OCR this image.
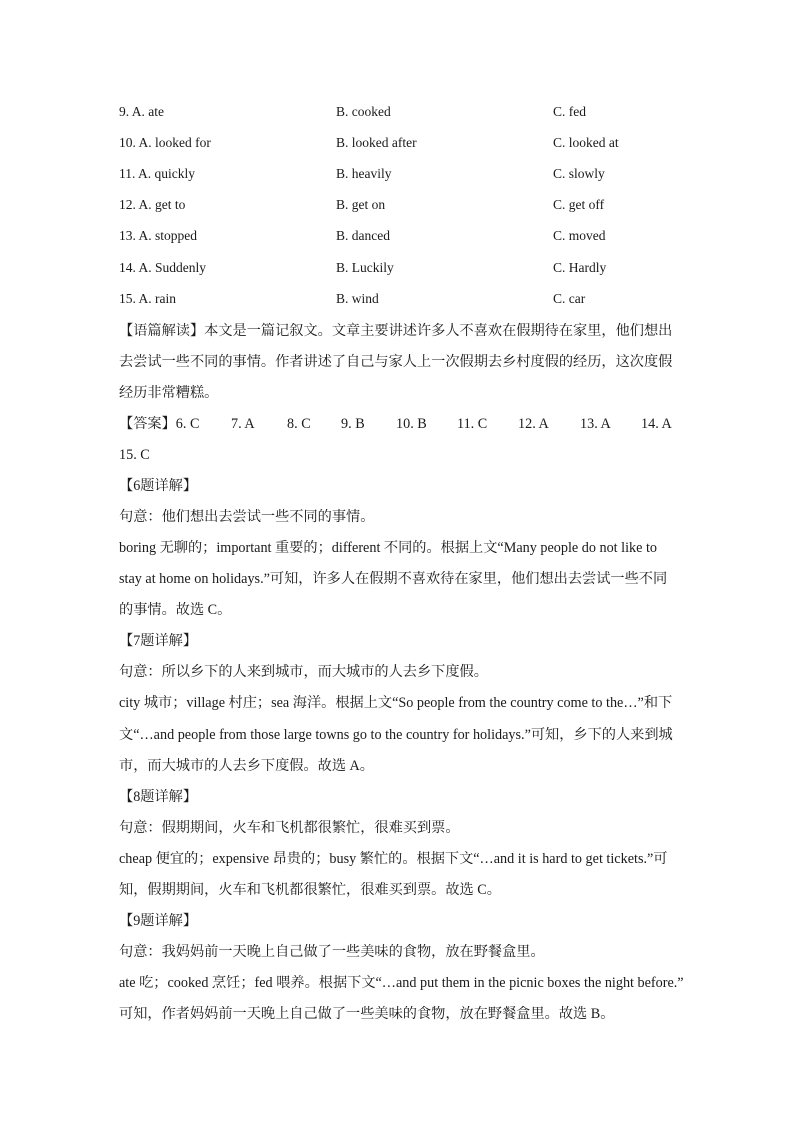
9. A. ate	B. cooked	C. fed
10. A. looked for	B. looked after	C. looked at
11. A. quickly	B. heavily	C. slowly
12. A. get to	B. get on	C. get off
13. A. stopped	B. danced	C. moved
14. A. Suddenly	B. Luckily	C. Hardly
15. A. rain	B. wind	C. car
【语篇解读】本文是一篇记叙文。文章主要讲述许多人不喜欢在假期待在家里，他们想出
去尝试一些不同的事情。作者讲述了自己与家人上一次假期去乡村度假的经历，这次度假
经历非常糟糕。
【答案】6. C 7. A 8. C 9. B 10. B 11. C 12. A 13. A 14. A
15. C
【6题详解】
句意：他们想出去尝试一些不同的事情。
boring 无聊的；important 重要的；different 不同的。根据上文“Many people do not like to
stay at home on holidays.”可知，许多人在假期不喜欢待在家里，他们想出去尝试一些不同
的事情。故选 C。
【7题详解】
句意：所以乡下的人来到城市，而大城市的人去乡下度假。
city 城市；village 村庄；sea 海洋。根据上文“So people from the country come to the…”和下
文“…and people from those large towns go to the country for holidays.”可知，乡下的人来到城
市，而大城市的人去乡下度假。故选 A。
【8题详解】
句意：假期期间，火车和飞机都很繁忙，很难买到票。
cheap 便宜的；expensive 昂贵的；busy 繁忙的。根据下文“…and it is hard to get tickets.”可
知，假期期间，火车和飞机都很繁忙，很难买到票。故选 C。
【9题详解】
句意：我妈妈前一天晚上自己做了一些美味的食物，放在野餐盒里。
ate 吃；cooked 烹饪；fed 喂养。根据下文“…and put them in the picnic boxes the night before.”
可知，作者妈妈前一天晚上自己做了一些美味的食物，放在野餐盒里。故选 B。
